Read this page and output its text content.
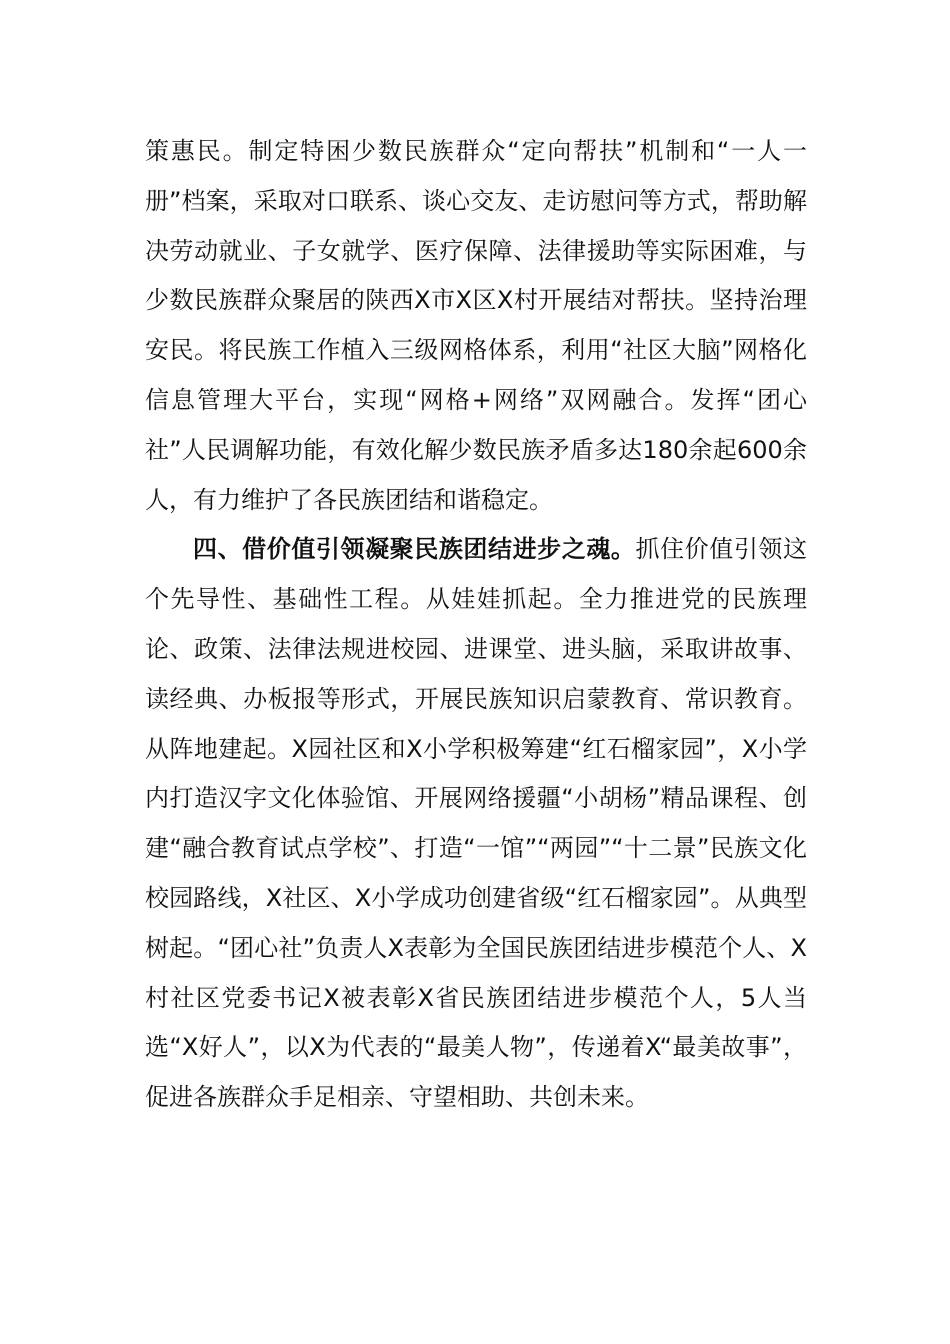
策惠民。制定特困少数民族群众“定向帮扶”机制和“一人一册”档案，采取对口联系、谈心交友、走访慰问等方式，帮助解决劳动就业、子女就学、医疗保障、法律援助等实际困难，与少数民族群众聚居的陕西X市X区X村开展结对帮扶。坚持治理安民。将民族工作植入三级网格体系，利用“社区大脑”网格化信息管理大平台，实现“网格+网络”双网融合。发挥“团心社”人民调解功能，有效化解少数民族矛盾多达180余起600余人，有力维护了各民族团结和谐稳定。

四、借价值引领凝聚民族团结进步之魂。抓住价值引领这个先导性、基础性工程。从娃娃抓起。全力推进党的民族理论、政策、法律法规进校园、进课堂、进头脑，采取讲故事、读经典、办板报等形式，开展民族知识启蒙教育、常识教育。从阵地建起。X园社区和X小学积极筹建“红石榴家园”，X小学内打造汉字文化体验馆、开展网络援疆“小胡杨”精品课程、创建“融合教育试点学校”、打造“一馆”“两园”“十二景”民族文化校园路线，X社区、X小学成功创建省级“红石榴家园”。从典型树起。“团心社”负责人X表彰为全国民族团结进步模范个人、X村社区党委书记X被表彰X省民族团结进步模范个人，5人当选“X好人”，以X为代表的“最美人物”，传递着X“最美故事”，促进各族群众手足相亲、守望相助、共创未来。
